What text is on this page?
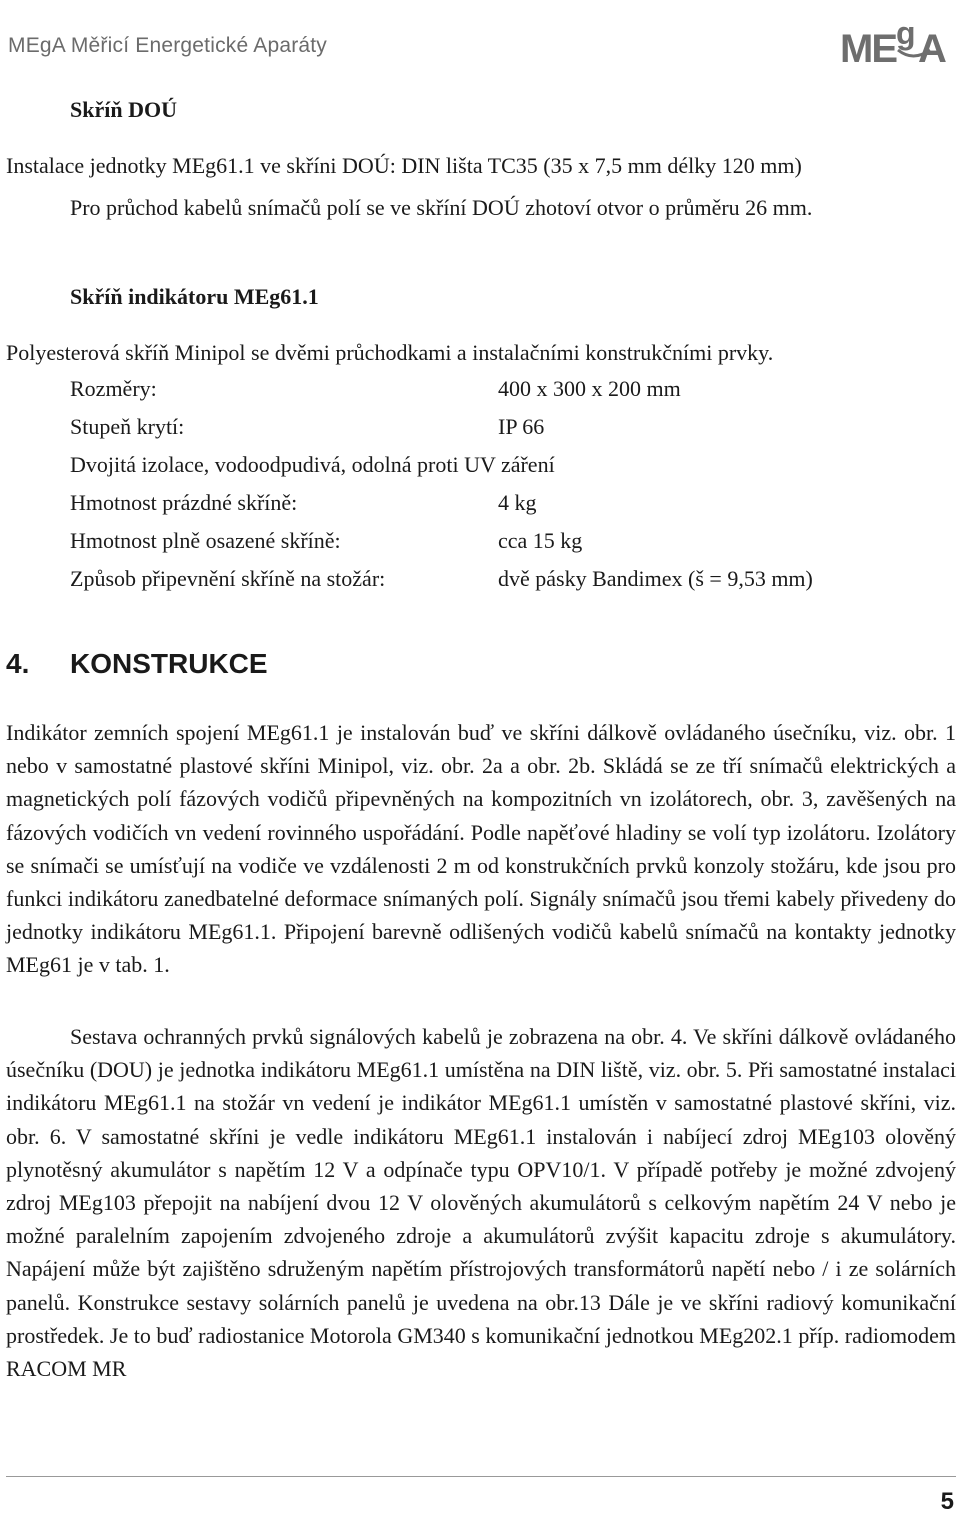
MEgA Měřicí Energetické Aparáty	ME g A
Skříň DOÚ
Instalace jednotky MEg61.1 ve skříni DOÚ: DIN lišta TC35 (35 x 7,5 mm délky 120 mm)
Pro průchod kabelů snímačů polí se ve skříní DOÚ zhotoví otvor o průměru 26 mm.
Skříň indikátoru MEg61.1
Polyesterová skříň Minipol se dvěmi průchodkami a instalačními konstrukčními prvky.
Rozměry:	400 x 300 x 200 mm
Stupeň krytí:	IP 66
Dvojitá izolace, vodoodpudivá, odolná proti UV záření
Hmotnost prázdné skříně:	4 kg
Hmotnost plně osazené skříně:	cca 15 kg
Způsob připevnění skříně na stožár:	dvě pásky Bandimex (š = 9,53 mm)
4. KONSTRUKCE
Indikátor zemních spojení MEg61.1 je instalován buď ve skříni dálkově ovládaného úsečníku, viz. obr. 1 nebo v samostatné plastové skříni Minipol, viz. obr. 2a a obr. 2b. Skládá se ze tří snímačů elektrických a magnetických polí fázových vodičů připevněných na kompozitních vn izolátorech, obr. 3, zavěšených na fázových vodičích vn vedení rovinného uspořádání. Podle napěťové hladiny se volí typ izolátoru. Izolátory se snímači se umísťují na vodiče ve vzdálenosti 2 m od konstrukčních prvků konzoly stožáru, kde jsou pro funkci indikátoru zanedbatelné deformace snímaných polí. Signály snímačů jsou třemi kabely přivedeny do jednotky indikátoru MEg61.1. Připojení barevně odlišených vodičů kabelů snímačů na kontakty jednotky MEg61 je v tab. 1.
Sestava ochranných prvků signálových kabelů je zobrazena na obr. 4. Ve skříni dálkově ovládaného úsečníku (DOU) je jednotka indikátoru MEg61.1 umístěna na DIN liště, viz. obr. 5. Při samostatné instalaci indikátoru MEg61.1 na stožár vn vedení je indikátor MEg61.1 umístěn v samostatné plastové skříni, viz. obr. 6. V samostatné skříni je vedle indikátoru MEg61.1 instalován i nabíjecí zdroj MEg103 olověný plynotěsný akumulátor s napětím 12 V a odpínače typu OPV10/1. V případě potřeby je možné zdvojený zdroj MEg103 přepojit na nabíjení dvou 12 V olověných akumulátorů s celkovým napětím 24 V nebo je možné paralelním zapojením zdvojeného zdroje a akumulátorů zvýšit kapacitu zdroje s akumulátory. Napájení může být zajištěno sdruženým napětím přístrojových transformátorů napětí nebo / i ze solárních panelů. Konstrukce sestavy solárních panelů je uvedena na obr.13 Dále je ve skříni radiový komunikační prostředek. Je to buď radiostanice Motorola GM340 s komunikační jednotkou MEg202.1 příp. radiomodem RACOM MR
5
